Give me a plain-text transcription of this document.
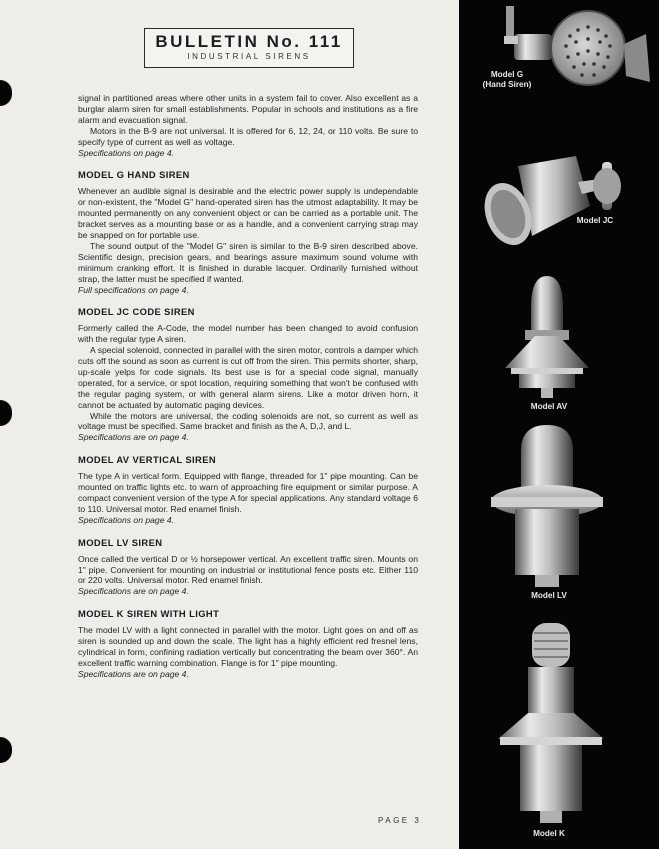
BULLETIN No. 111
INDUSTRIAL SIRENS

signal in partitioned areas where other units in a system fail to cover. Also excellent as a burglar alarm siren for small establishments. Popular in schools and institutions as a fire alarm and evacuation signal.

Motors in the B-9 are not universal. It is offered for 6, 12, 24, or 110 volts. Be sure to specify type of current as well as voltage.

Specifications on page 4.

MODEL G HAND SIREN

Whenever an audible signal is desirable and the electric power supply is undependable or non-existent, the "Model G" hand-operated siren has the utmost adaptability. It may be mounted permanently on any convenient object or can be carried as a portable unit. The bracket serves as a mounting base or as a handle, and a convenient carrying strap may be snapped on for portable use.

The sound output of the "Model G" siren is similar to the B-9 siren described above. Scientific design, precision gears, and bearings assure maximum sound volume with minimum cranking effort. It is finished in durable lacquer. Ordinarily furnished without strap, the latter must be specified if wanted.

Full specifications on page 4.

MODEL JC CODE SIREN

Formerly called the A-Code, the model number has been changed to avoid confusion with the regular type A siren.

A special solenoid, connected in parallel with the siren motor, controls a damper which cuts off the sound as soon as current is cut off from the siren. This permits shorter, sharp, up-scale yelps for code signals. Its best use is for a special code signal, manually operated, for a service, or spot location, requiring something that won't be confused with the regular paging system, or with general alarm sirens. Like a motor driven horn, it cannot be actuated by automatic paging devices.

While the motors are universal, the coding solenoids are not, so current as well as voltage must be specified. Same bracket and finish as the A, D,J, and L.

Specifications are on page 4.

MODEL AV VERTICAL SIREN

The type A in vertical form. Equipped with flange, threaded for 1" pipe mounting. Can be mounted on traffic lights etc. to warn of approaching fire equipment or similar purpose. A compact convenient version of the type A for special applications. Any standard voltage 6 to 110. Universal motor. Red enamel finish.

Specifications on page 4.

MODEL LV SIREN

Once called the vertical D or ½ horsepower vertical. An excellent traffic siren. Mounts on 1" pipe. Convenient for mounting on industrial or institutional fence posts etc. Either 110 or 220 volts. Universal motor. Red enamel finish.

Specifications are on page 4.

MODEL K SIREN WITH LIGHT

The model LV with a light connected in parallel with the motor. Light goes on and off as siren is sounded up and down the scale. The light has a highly efficient red fresnel lens, cylindrical in form, confining radiation vertically but concentrating the beam over 360°. An excellent traffic warning combination. Flange is for 1" pipe mounting.

Specifications are on page 4.

PAGE 3
Model G
(Hand Siren)
Model JC
Model AV
Model LV
Model K
